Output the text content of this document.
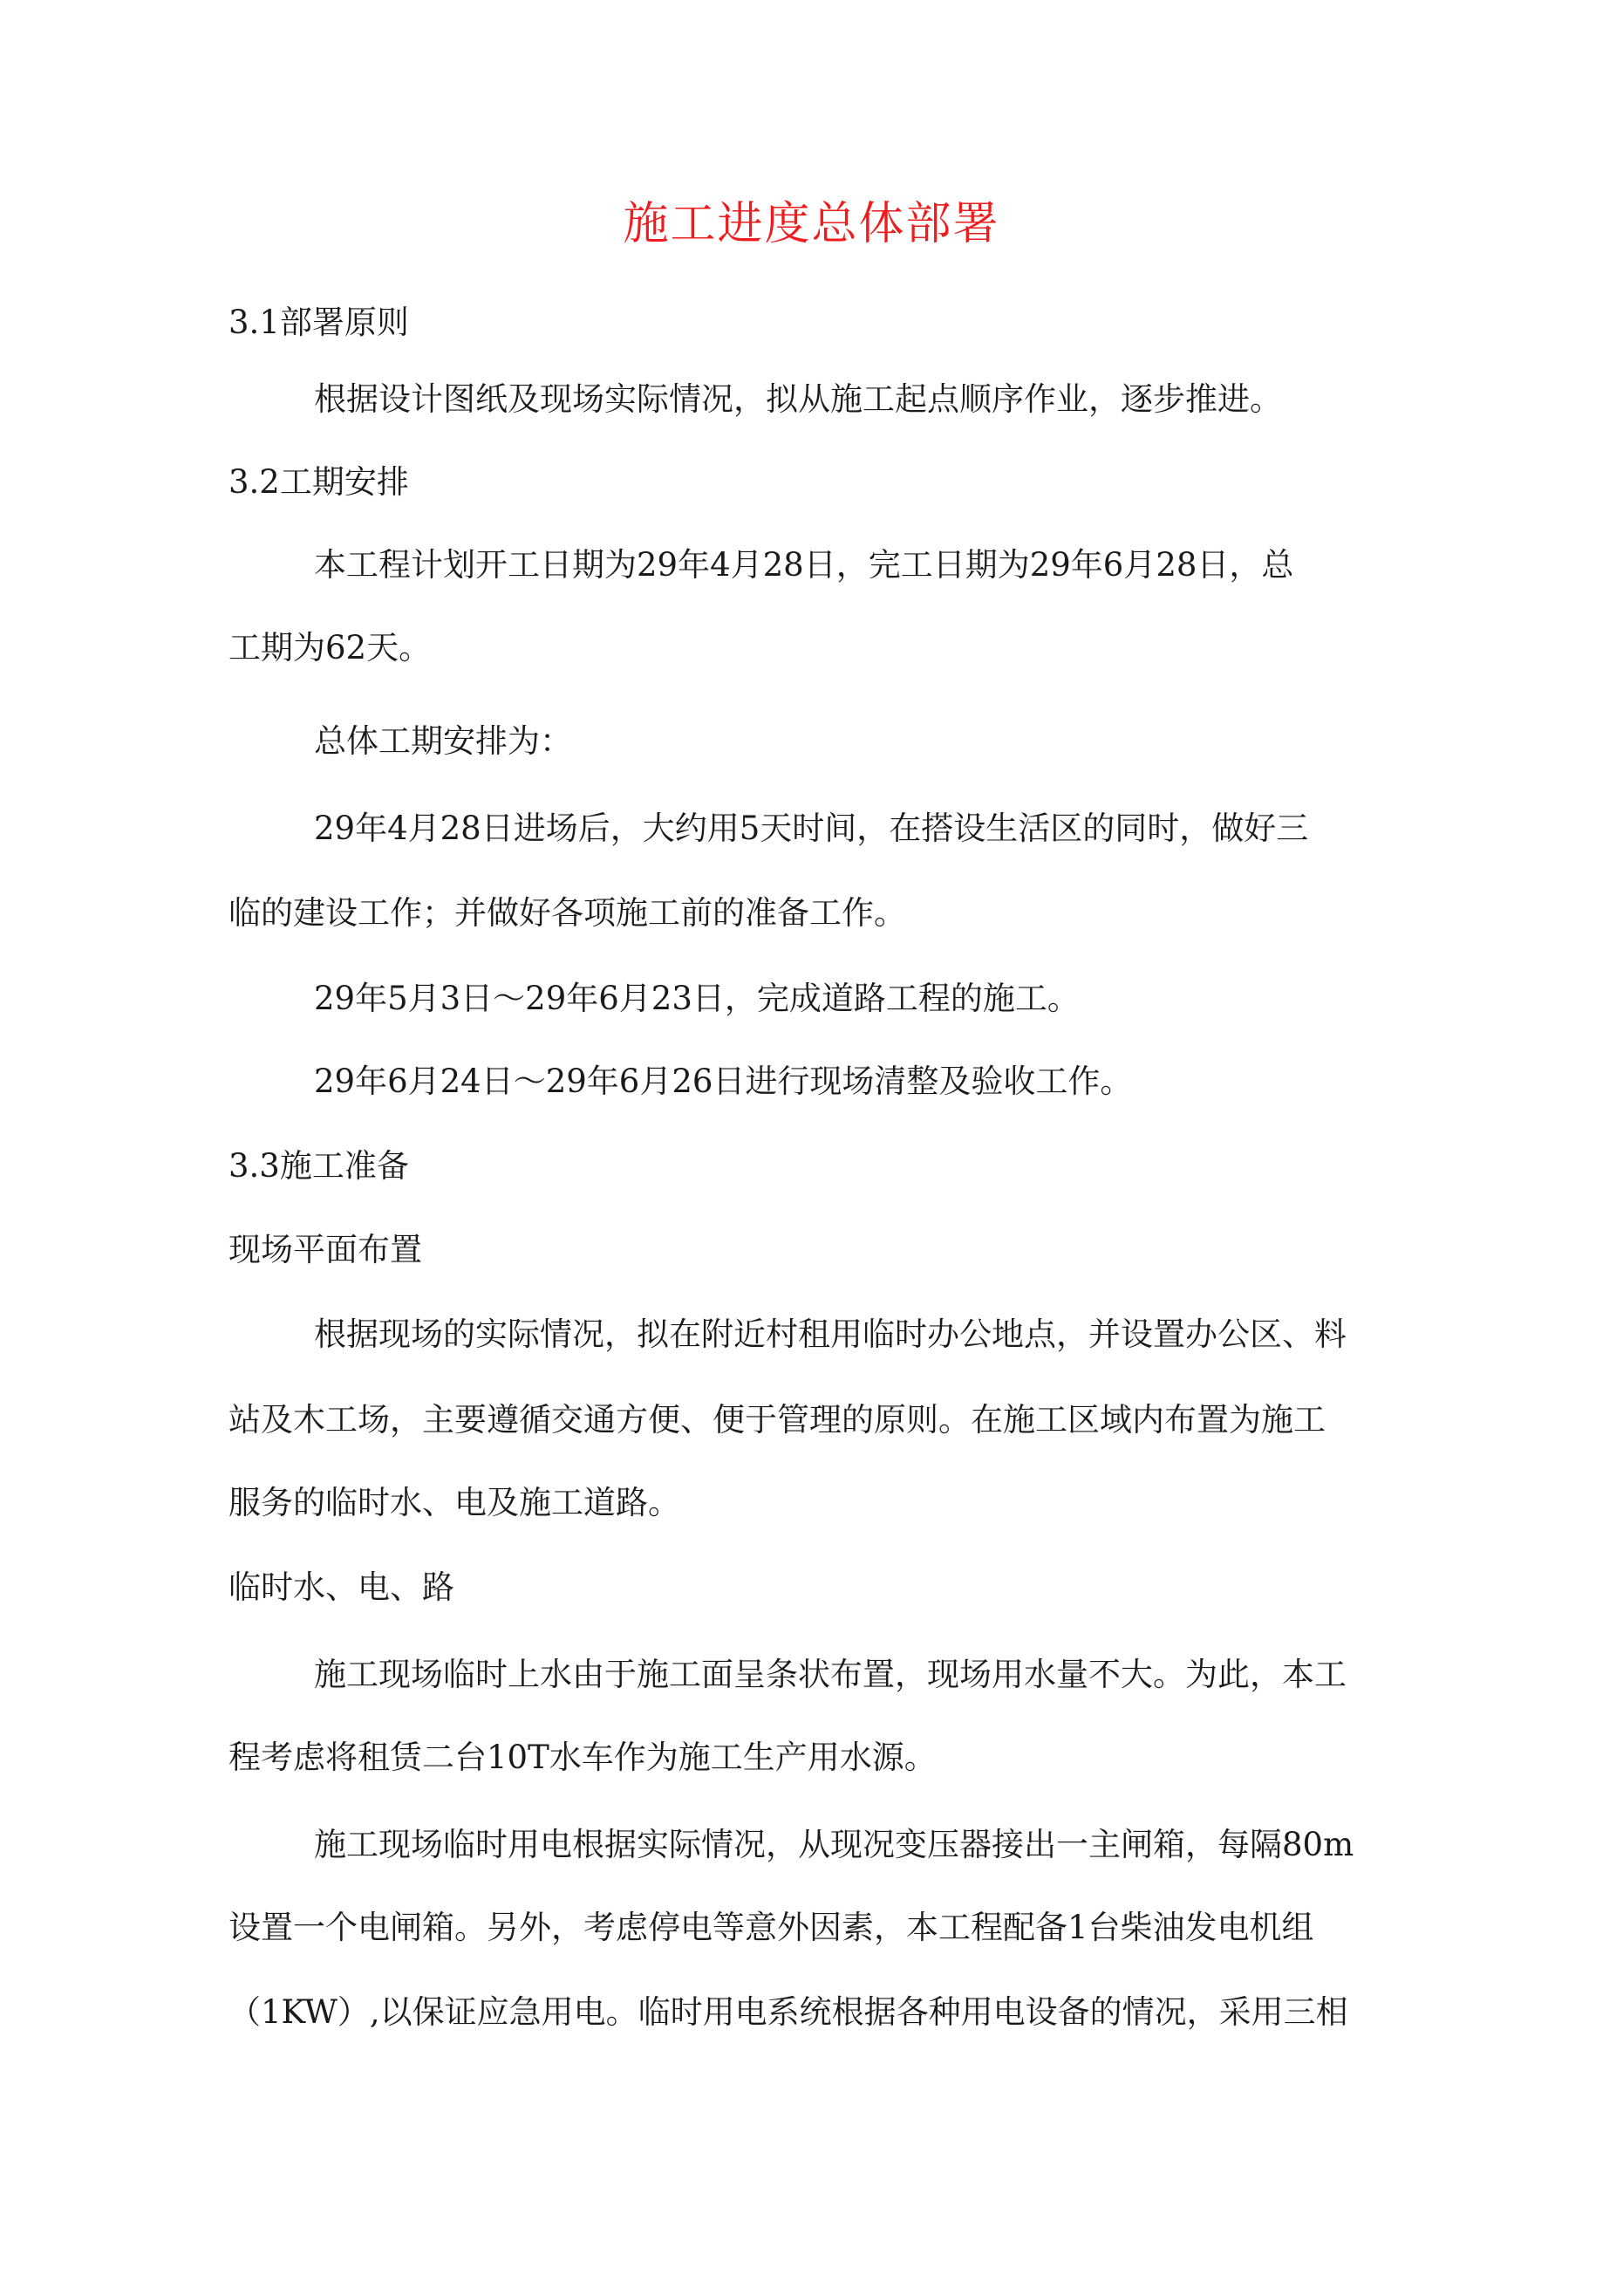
施工进度总体部署
3.1部署原则
根据设计图纸及现场实际情况，拟从施工起点顺序作业，逐步推进。
3.2工期安排
本工程计划开工日期为29年4月28日，完工日期为29年6月28日，总
工期为62天。
总体工期安排为：
29年4月28日进场后，大约用5天时间，在搭设生活区的同时，做好三
临的建设工作；并做好各项施工前的准备工作。
29年5月3日〜29年6月23日，完成道路工程的施工。
29年6月24日〜29年6月26日进行现场清整及验收工作。
3.3施工准备
现场平面布置
根据现场的实际情况，拟在附近村租用临时办公地点，并设置办公区、料
站及木工场，主要遵循交通方便、便于管理的原则。在施工区域内布置为施工
服务的临时水、电及施工道路。
临时水、电、路
施工现场临时上水由于施工面呈条状布置，现场用水量不大。为此，本工
程考虑将租赁二台10T水车作为施工生产用水源。
施工现场临时用电根据实际情况，从现况变压器接出一主闸箱，每隔80m
设置一个电闸箱。另外，考虑停电等意外因素，本工程配备1台柴油发电机组
（1KW）,以保证应急用电。临时用电系统根据各种用电设备的情况，采用三相
